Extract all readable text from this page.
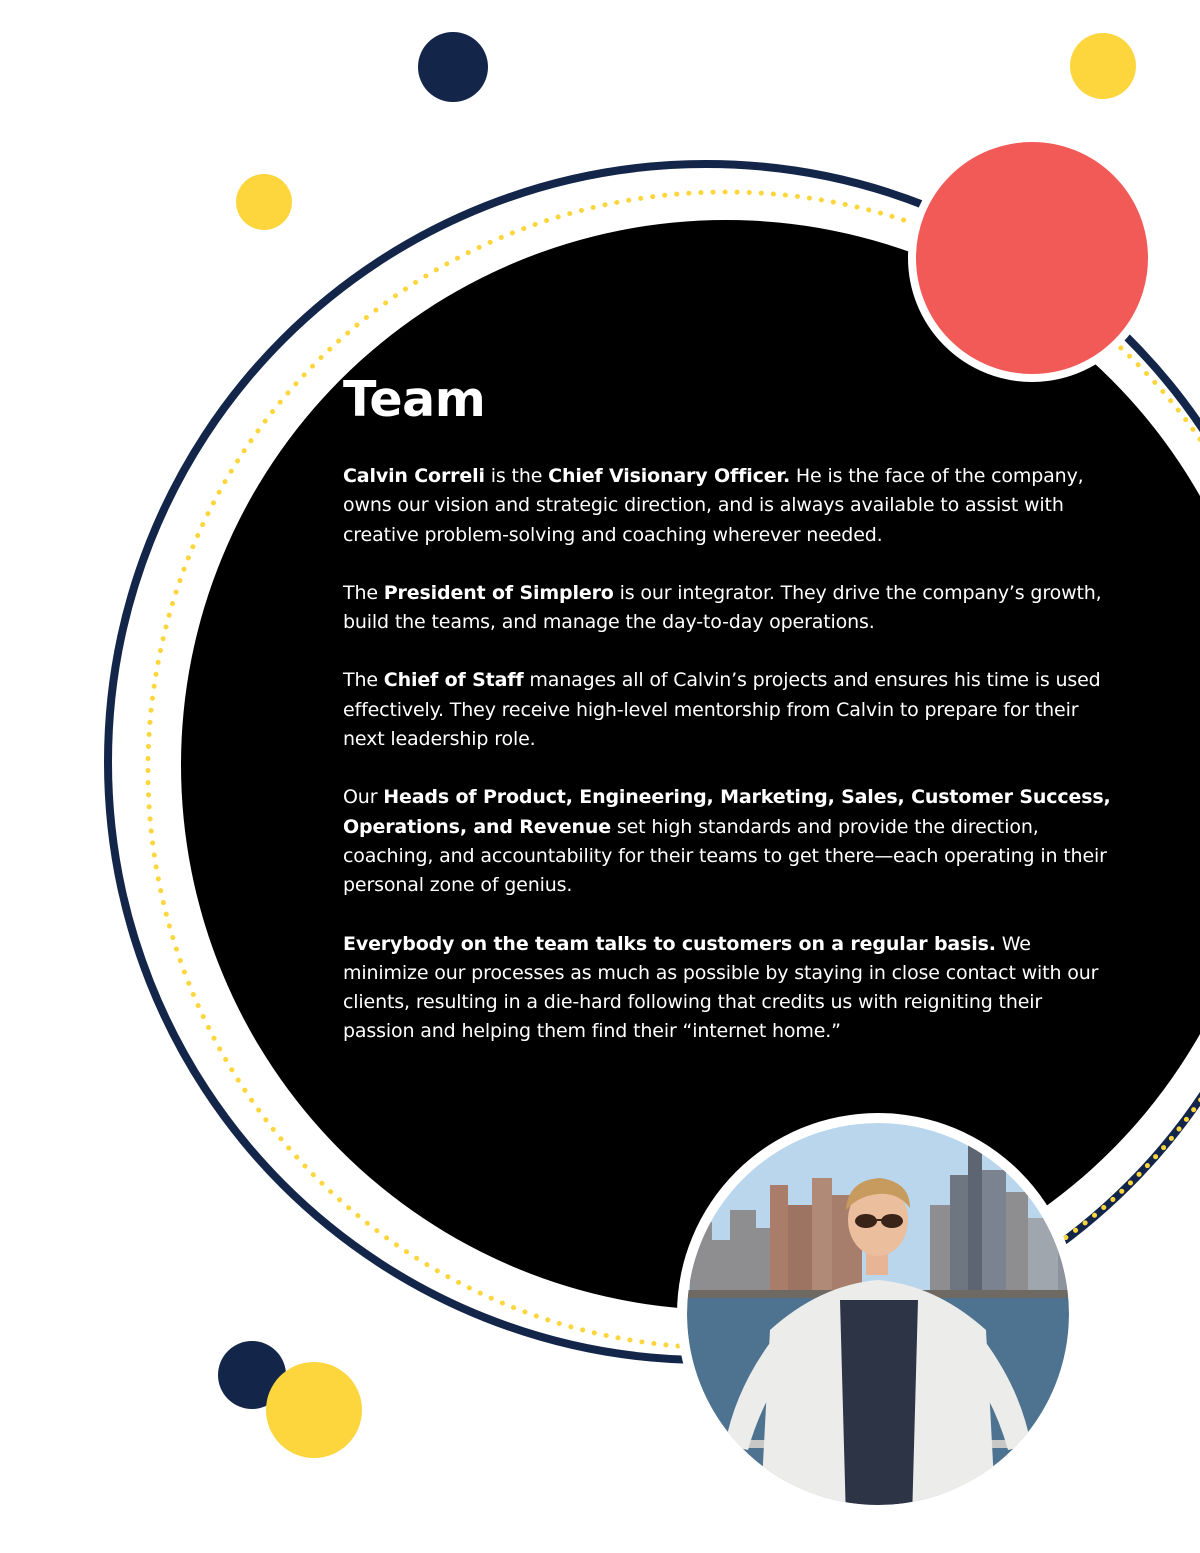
Team

Calvin Correli is the Chief Visionary Officer. He is the face of the company, owns our vision and strategic direction, and is always available to assist with creative problem-solving and coaching wherever needed.

The President of Simplero is our integrator. They drive the company’s growth, build the teams, and manage the day-to-day operations.

The Chief of Staff manages all of Calvin’s projects and ensures his time is used effectively. They receive high-level mentorship from Calvin to prepare for their next leadership role.

Our Heads of Product, Engineering, Marketing, Sales, Customer Success, Operations, and Revenue set high standards and provide the direction, coaching, and accountability for their teams to get there—each operating in their personal zone of genius.

Everybody on the team talks to customers on a regular basis. We minimize our processes as much as possible by staying in close contact with our clients, resulting in a die-hard following that credits us with reigniting their passion and helping them find their “internet home.”
